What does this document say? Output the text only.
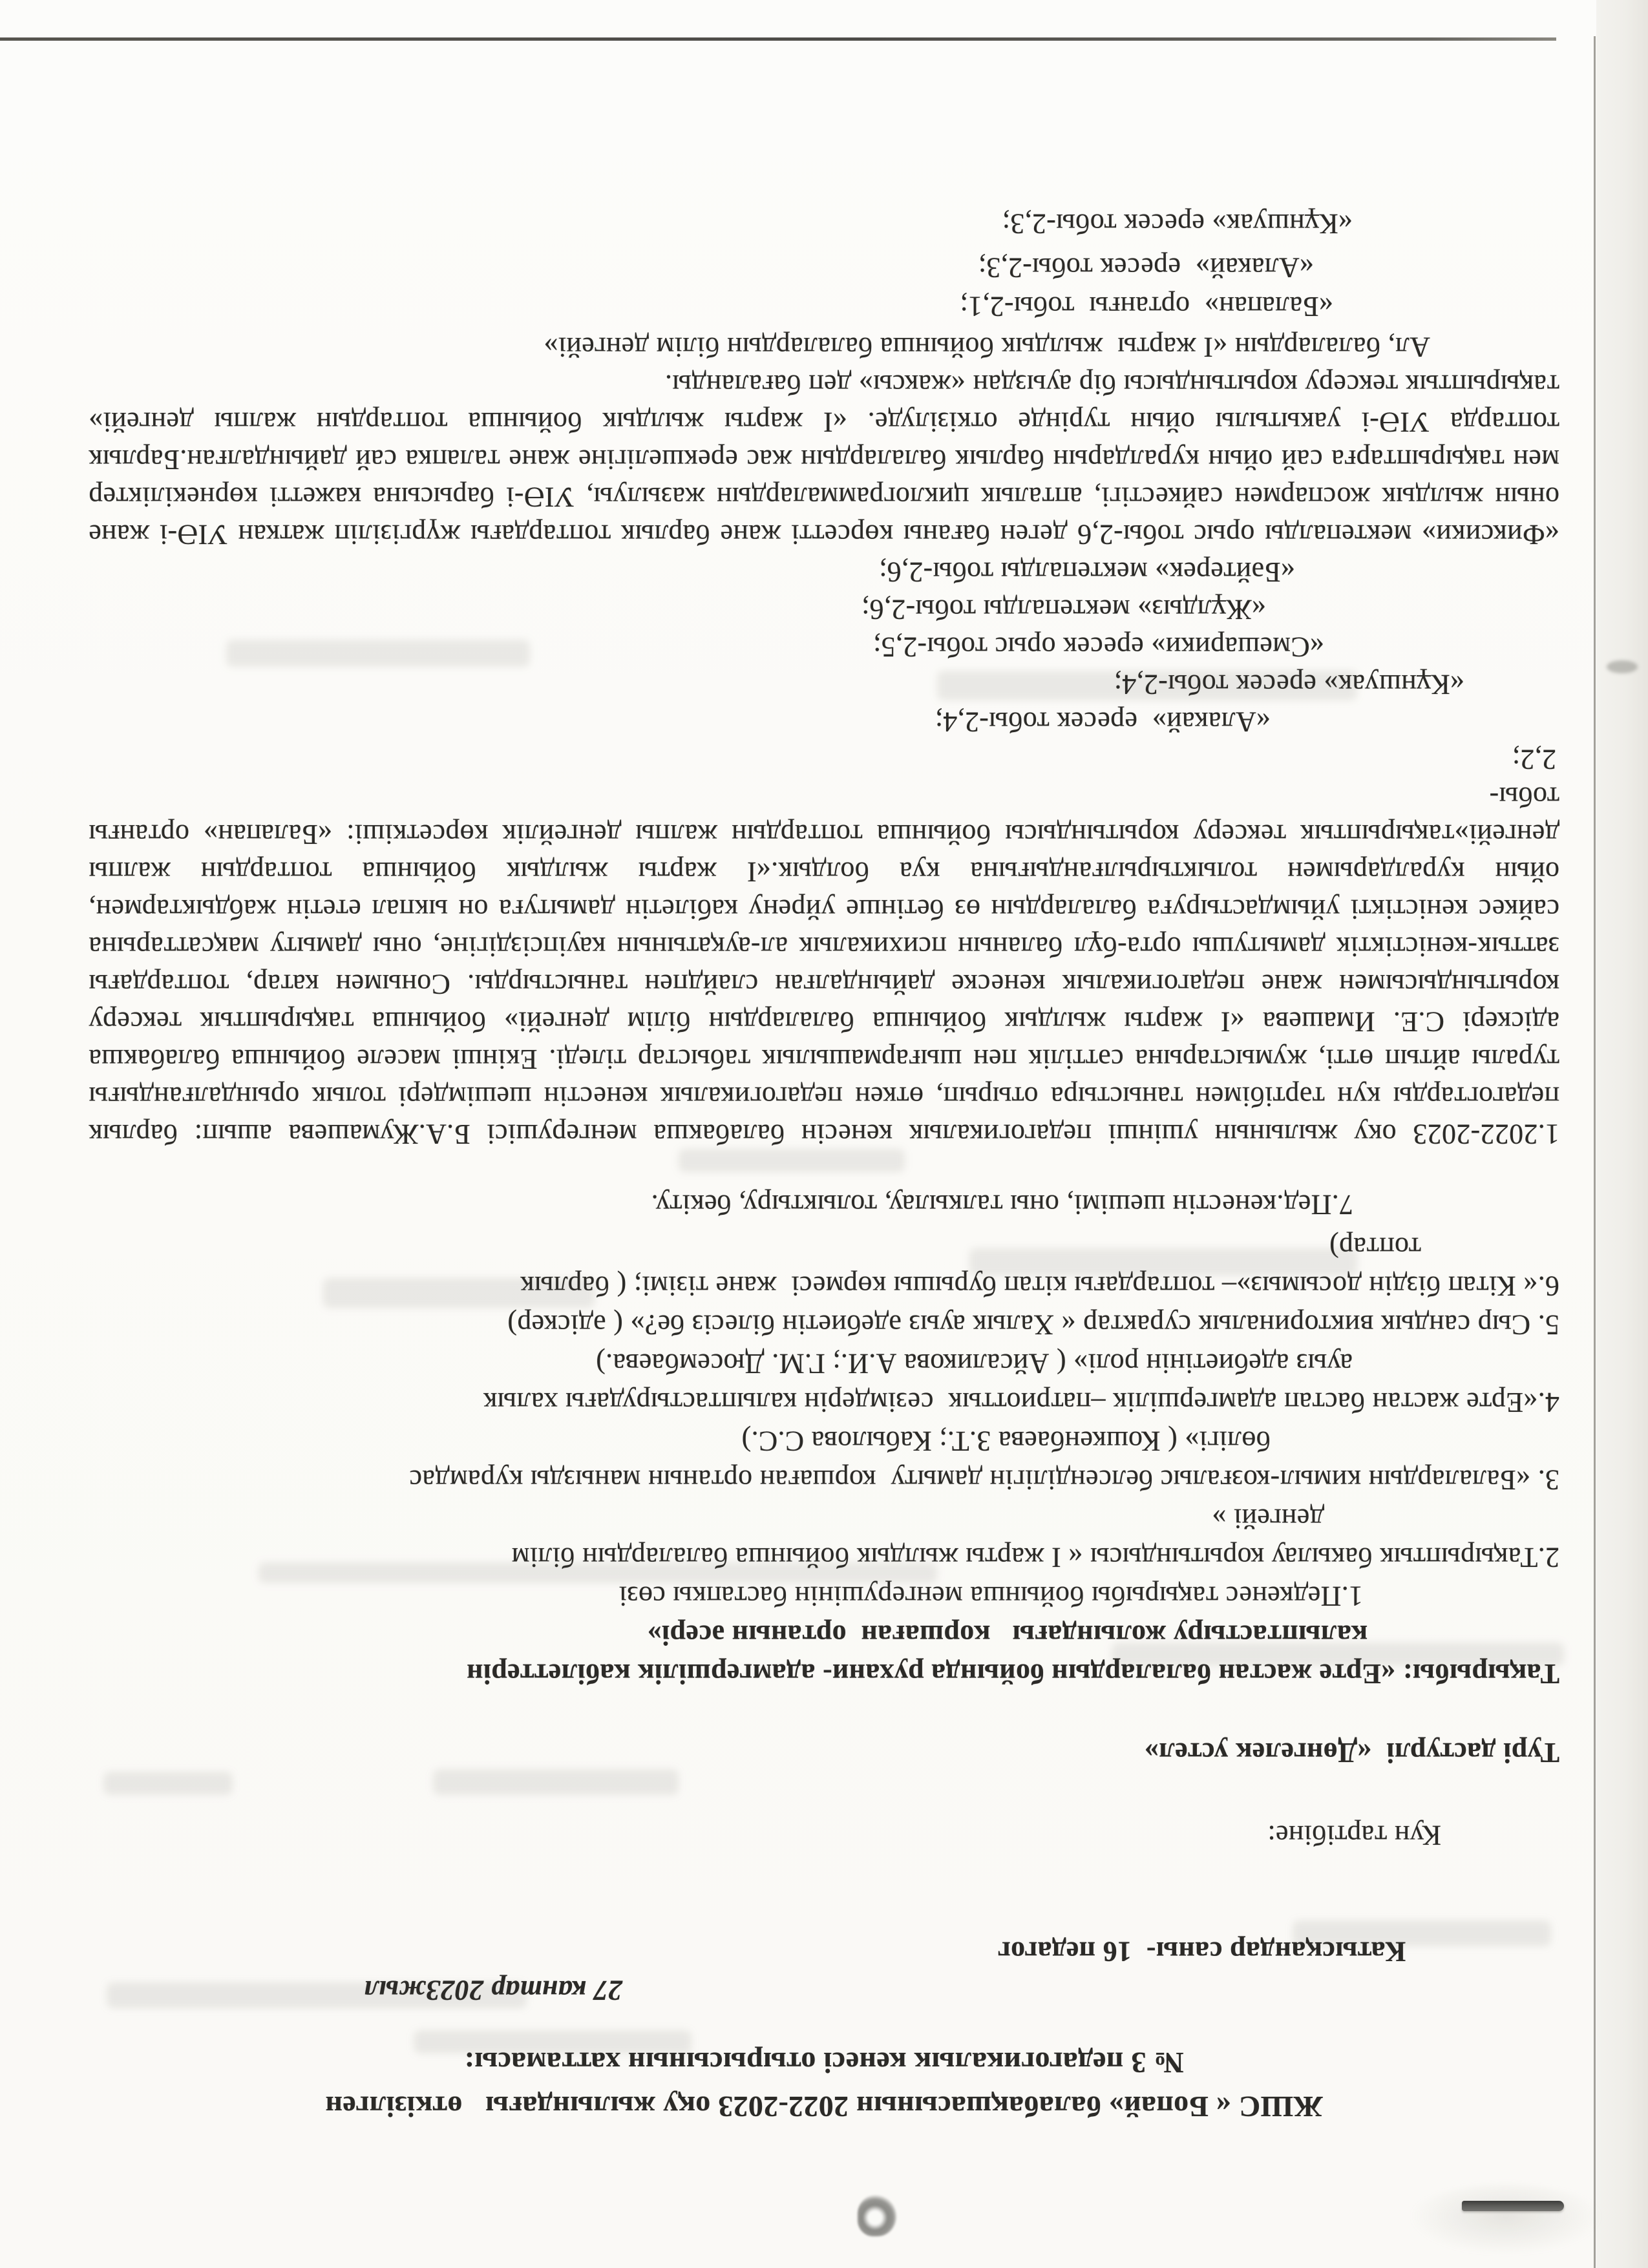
ЖШС « Бопай» балабақшасынын 2022-2023 оқу жылындағы   өткізілген
№ 3 педагогикалык кенесі отырысынын хаттамасы:

Катысқандар саны-  16 педагог

27 кантар 2023жыл

Кун тартібіне:
Турі дастурлі  «Дөнгелек устел»
Тақырыбы: «Ерте жастан балалардын бойында рухани- адамгершілік кабілеттерін
калыптастыру жолындағы   коршаған  ортанын әсері»
1.Педкенес тақырыбы бойынша менгерушінін бастапкы сөзі
2.Тақырыптык бакылау корытындысы « I жарты жылдык бойынша балалардын білім
денгейі »
3. «Балалардын кимыл-козғалыс белсенділігін дамыту  коршаған ортанын манызды курамдас
бөлігі» ( Кошкенбаева З.Т.; Кабылова С.С.)
4.«Ерте жастан бастап адамгершілік –патриоттык  сезімдерін калыптастырудағы халык
ауыз адебиетінін ролі» ( Айсаликова А.И.; Г.М. Дюсембаева.)
5. Сыр сандык викториналык сурактар « Халык ауыз әдебиетін білесіз бе?» ( әдіскер)
6.« Кітап біздін досымыз»– топтардағы кітап бурышы көрмесі  жане тізімі; ( барлык
топтар)
7.Пед.кенестін шешімі, оны талкылау, толыктыру, бекіту.
1.2022-2023 оку жылынын ушінші педагогикалык кенесін балабакша менгерушісі Б.А.Жумашева ашып: барлык педагогтарды кун тәртібімен таныстыра отырып, өткен педагогикалык кенестін шешімдері толык орындалғандығы туралы айтып өтті, жумыстарына сәттілік пен шығармашылык табыстар тіледі. Екінші маселе бойынша балабакша адіскері С.Е. Имашева «I жарты жылдык бойынша балалардын білім денгейі» бойынша тақырыптык тексеру корытындысымен жане педагогикалык кенеске дайындалған слайдпен таныстырды. Сонымен катар, топтардағы заттык-кеністіктік дамытушы орта-бұл баланын психикалык ал-ауқатынын кауіпсіздігіне, оны дамыту мақсаттарына сайкес кеністікті уйымдастыруға балалардын өз бетінше уйрену кабілетін дамытуға он ыкпал ететін жабдыктармен, ойын куралдарымен толыктырылғандығына куа болдык.«I жарты жылдык бойынша топтардын жалпы денгейі»тақырыптык тексеру корытындысы бойынша топтардын жалпы денгейлік көрсеткіші: «Балапан» ортанғы тобы-
2,2;
«Алакай»  ересек тобы-2,4;
«Кұншуак» ересек тобы-2,4;
«Смешарики» ересек орыс тобы-2,5;
«Жұлдыз» мектепалды тобы-2,6;
«Бәйтерек» мектепалды тобы-2,6;
«Фиксики» мектепалды орыс тобы-2,6 деген бағаны көрсетті жане барлык топтардағы жүргізіліп жаткан УІӘ-і жане онын жылдык жоспармен сайкестігі, апталык циклограммалардын жазылуы, УІӘ-і барысына кажетті көрнекіліктер мен тақырыптарға сай ойын куралдарын барлык балалардын жас ерекшелігіне жане талапка сай дайындалған.Барлык топтарда УІӘ-і уакытылы ойын турінде откізілуде. «I жарты жылдык бойынша топтардын жалпы денгейі» тақырыптык тексеру корытындысы бір ауыздан «жаксы» деп бағаланды.
Ал, балалардын «I жарты  жылдык бойынша балалардын білім денгейі»
«Балапан»  ортанғы  тобы-2,1;
«Алакай»  ересек тобы-2,3;
«Кұншуак» ересек тобы-2,3;
